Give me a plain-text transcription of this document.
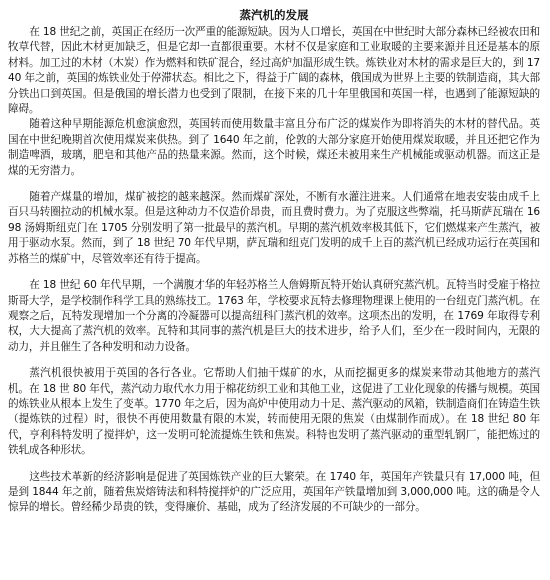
蒸汽机的发展

在 18 世纪之前，英国正在经历一次严重的能源短缺。因为人口增长，英国在中世纪时大部分森林已经被农田和牧草代替，因此木材更加缺乏，但是它却一直都很重要。木材不仅是家庭和工业取暖的主要来源并且还是基本的原材料。加工过的木材（木炭）作为燃料和铁矿混合，经过高炉加温形成生铁。炼铁业对木材的需求是巨大的，到 1740 年之前，英国的炼铁业处于停滞状态。相比之下，得益于广阔的森林，俄国成为世界上主要的铁制造商，其大部分铁出口到英国。但是俄国的增长潜力也受到了限制，在接下来的几十年里俄国和英国一样，也遇到了能源短缺的障碍。

随着这种早期能源危机愈演愈烈，英国转而使用数量丰富且分布广泛的煤炭作为即将消失的木材的替代品。英国在中世纪晚期首次使用煤炭来供热。到了 1640 年之前，伦敦的大部分家庭开始使用煤炭取暖，并且还把它作为制造啤酒，玻璃，肥皂和其他产品的热量来源。然而，这个时候，煤还未被用来生产机械能或驱动机器。而这正是煤的无穷潜力。

随着产煤量的增加，煤矿被挖的越来越深。然而煤矿深处，不断有水灌注进来。人们通常在地表安装由成千上百只马转圈拉动的机械水泵。但是这种动力不仅造价昂贵，而且费时费力。为了克服这些弊端，托马斯萨瓦瑞在 1698 汤姆斯纽克门在 1705 分别发明了第一批最早的蒸汽机。早期的蒸汽机效率极其低下，它们燃煤来产生蒸汽，被用于驱动水泵。然而，到了 18 世纪 70 年代早期，萨瓦瑞和纽克门发明的成千上百的蒸汽机已经成功运行在英国和苏格兰的煤矿中，尽管效率还有待于提高。

在 18 世纪 60 年代早期，一个满腹才华的年轻苏格兰人詹姆斯瓦特开始认真研究蒸汽机。瓦特当时受雇于格拉斯哥大学，是学校制作科学工具的熟练技工。1763 年，学校要求瓦特去修理物理课上使用的一台纽克门蒸汽机。在观察之后，瓦特发现增加一个分离的冷凝器可以提高纽科门蒸汽机的效率。这项杰出的发明，在 1769 年取得专利权，大大提高了蒸汽机的效率。瓦特和其同事的蒸汽机是巨大的技术进步，给予人们，至少在一段时间内，无限的动力，并且催生了各种发明和动力设备。

蒸汽机很快被用于英国的各行各业。它帮助人们抽干煤矿的水，从而挖掘更多的煤炭来带动其他地方的蒸汽机。在 18 世 80 年代，蒸汽动力取代水力用于棉花纺织工业和其他工业，这促进了工业化现象的传播与规模。英国的炼铁业从根本上发生了变革。1770 年之后，因为高炉中使用动力十足、蒸汽驱动的风箱，铁制造商们在铸造生铁（提炼铁的过程）时，很快不再使用数量有限的木炭，转而使用无限的焦炭（由煤制作而成）。在 18 世纪 80 年代，亨利科特发明了搅拌炉，这一发明可轮流提炼生铁和焦炭。科特也发明了蒸汽驱动的重型轧钢厂，能把炼过的铁轧成各种形状。

这些技术革新的经济影响是促进了英国炼铁产业的巨大繁荣。在 1740 年，英国年产铁量只有 17,000 吨，但是到 1844 年之前，随着焦炭熔铸法和科特搅拌炉的广泛应用，英国年产铁量增加到 3,000,000 吨。这的确是令人惊异的增长。曾经稀少昂贵的铁，变得廉价、基础，成为了经济发展的不可缺少的一部分。
